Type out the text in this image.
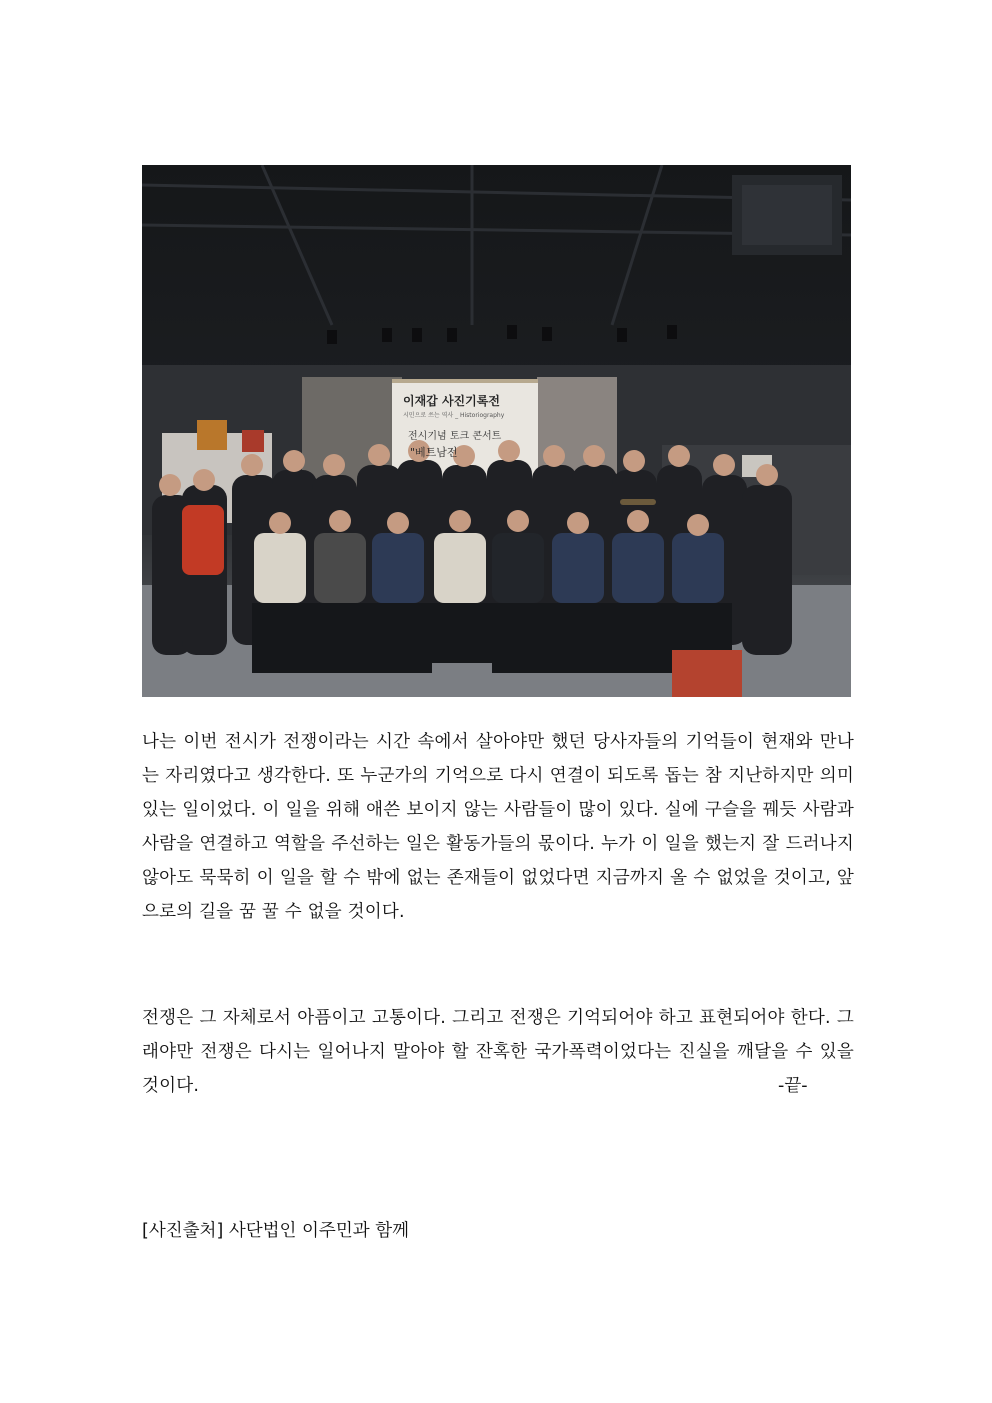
이재갑 사진기록전
시민으로 쓰는 역사 _ Historiography
전시기념 토크 콘서트
"베트남전

나는 이번 전시가 전쟁이라는 시간 속에서 살아야만 했던 당사자들의 기억들이 현재와 만나는 자리였다고 생각한다. 또 누군가의 기억으로 다시 연결이 되도록 돕는 참 지난하지만 의미 있는 일이었다. 이 일을 위해 애쓴 보이지 않는 사람들이 많이 있다. 실에 구슬을 꿰듯 사람과 사람을 연결하고 역할을 주선하는 일은 활동가들의 몫이다. 누가 이 일을 했는지 잘 드러나지 않아도 묵묵히 이 일을 할 수 밖에 없는 존재들이 없었다면 지금까지 올 수 없었을 것이고, 앞으로의 길을 꿈 꿀 수 없을 것이다.

전쟁은 그 자체로서 아픔이고 고통이다. 그리고 전쟁은 기억되어야 하고 표현되어야 한다. 그래야만 전쟁은 다시는 일어나지 말아야 할 잔혹한 국가폭력이었다는 진실을 깨달을 수 있을 것이다.	-끝-
[사진출처] 사단법인 이주민과 함께
